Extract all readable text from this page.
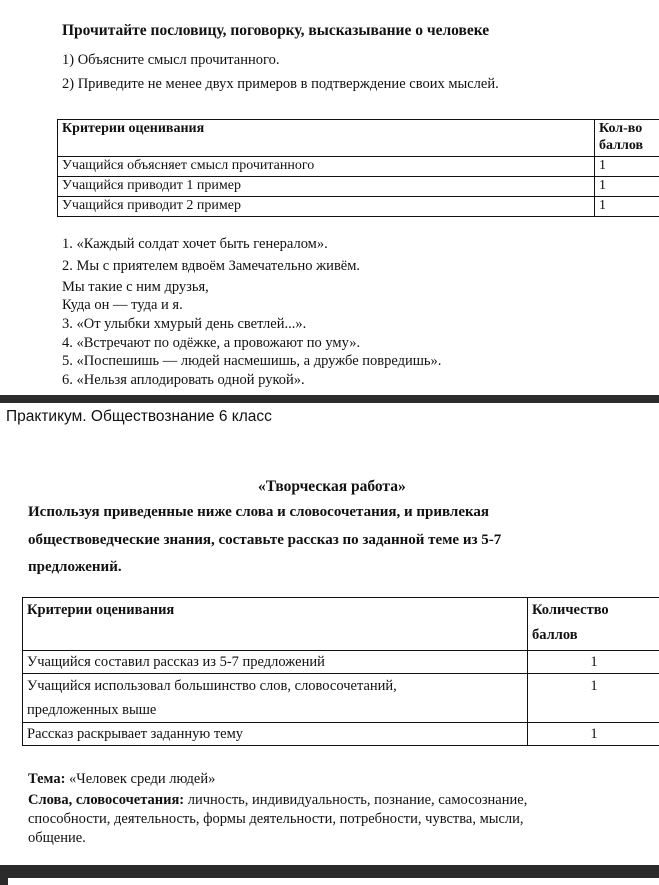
Прочитайте пословицу, поговорку, высказывание о человеке
1) Объясните смысл прочитанного.
2) Приведите не менее двух примеров в подтверждение своих мыслей.
Критерии оценивания	Кол-во
баллов
Учащийся объясняет смысл прочитанного	1
Учащийся приводит 1 пример	1
Учащийся приводит 2 пример	1
1. «Каждый солдат хочет быть генералом».
2. Мы с приятелем вдвоём Замечательно живём.
Мы такие с ним друзья,
Куда он — туда и я.
3. «От улыбки хмурый день светлей...».
4. «Встречают по одёжке, а провожают по уму».
5. «Поспешишь — людей насмешишь, а дружбе повредишь».
6. «Нельзя аплодировать одной рукой».
Практикум. Обществознание 6 класс
«Творческая работа»
Используя приведенные ниже слова и словосочетания, и привлекая
обществоведческие знания, составьте рассказ по заданной теме из 5-7
предложений.
Критерии оценивания	Количество
баллов
Учащийся составил рассказ из 5-7 предложений	1
Учащийся использовал большинство слов, словосочетаний,
предложенных выше	1
Рассказ раскрывает заданную тему	1
Тема: «Человек среди людей»
Слова, словосочетания: личность, индивидуальность, познание, самосознание,
способности, деятельность, формы деятельности, потребности, чувства, мысли,
общение.
